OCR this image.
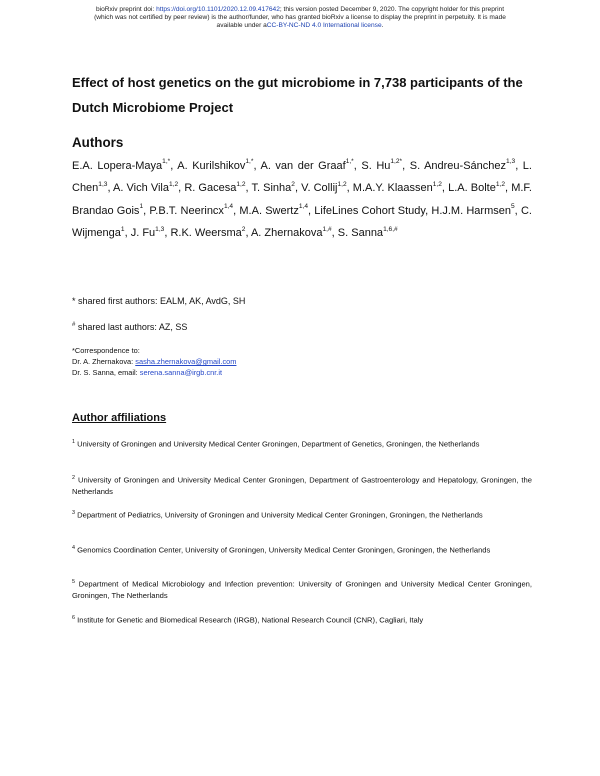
bioRxiv preprint doi: https://doi.org/10.1101/2020.12.09.417642; this version posted December 9, 2020. The copyright holder for this preprint
(which was not certified by peer review) is the author/funder, who has granted bioRxiv a license to display the preprint in perpetuity. It is made
available under aCC-BY-NC-ND 4.0 International license.
Effect of host genetics on the gut microbiome in 7,738 participants of the Dutch Microbiome Project
Authors
E.A. Lopera-Maya$^{1,*}$, A. Kurilshikov$^{1,*}$, A. van der Graaf$^{1,*}$, S. $Hu^{1,2*}$, S. Andreu-Sánchez$^{1,3}$, L. Chen$^{1,3}$, A. Vich Vila$^{1,2}$, R. Gacesa$^{1,2}$, T. Sinha$^2$, V. Collij$^{1,2}$, M.A.Y. Klaassen$^{1,2}$, L.A. Bolte$^{1,2}$, M.F. Brandao Gois$^1$, P.B.T. Neerincx$^{1,4}$, M.A. Swertz$^{1,4}$, LifeLines Cohort Study, H.J.M. Harmsen$^5$, C. Wijmenga$^1$, J. Fu$^{1,3}$, R.K. Weersma$^2$, A. Zhernakova$^{1,\#}$, S. Sanna$^{1,6,\#}$
* shared first authors: EALM, AK, AvdG, SH
# shared last authors: AZ, SS
*Correspondence to:
Dr. A. Zhernakova: sasha.zhernakova@gmail.com
Dr. S. Sanna, email: serena.sanna@irgb.cnr.it
Author affiliations
$^1$ University of Groningen and University Medical Center Groningen, Department of Genetics, Groningen, the Netherlands
$^2$ University of Groningen and University Medical Center Groningen, Department of Gastroenterology and Hepatology, Groningen, the Netherlands
$^3$ Department of Pediatrics, University of Groningen and University Medical Center Groningen, Groningen, the Netherlands
$^4$ Genomics Coordination Center, University of Groningen, University Medical Center Groningen, Groningen, the Netherlands
$^5$ Department of Medical Microbiology and Infection prevention: University of Groningen and University Medical Center Groningen, Groningen, The Netherlands
$^6$ Institute for Genetic and Biomedical Research (IRGB), National Research Council (CNR), Cagliari, Italy
